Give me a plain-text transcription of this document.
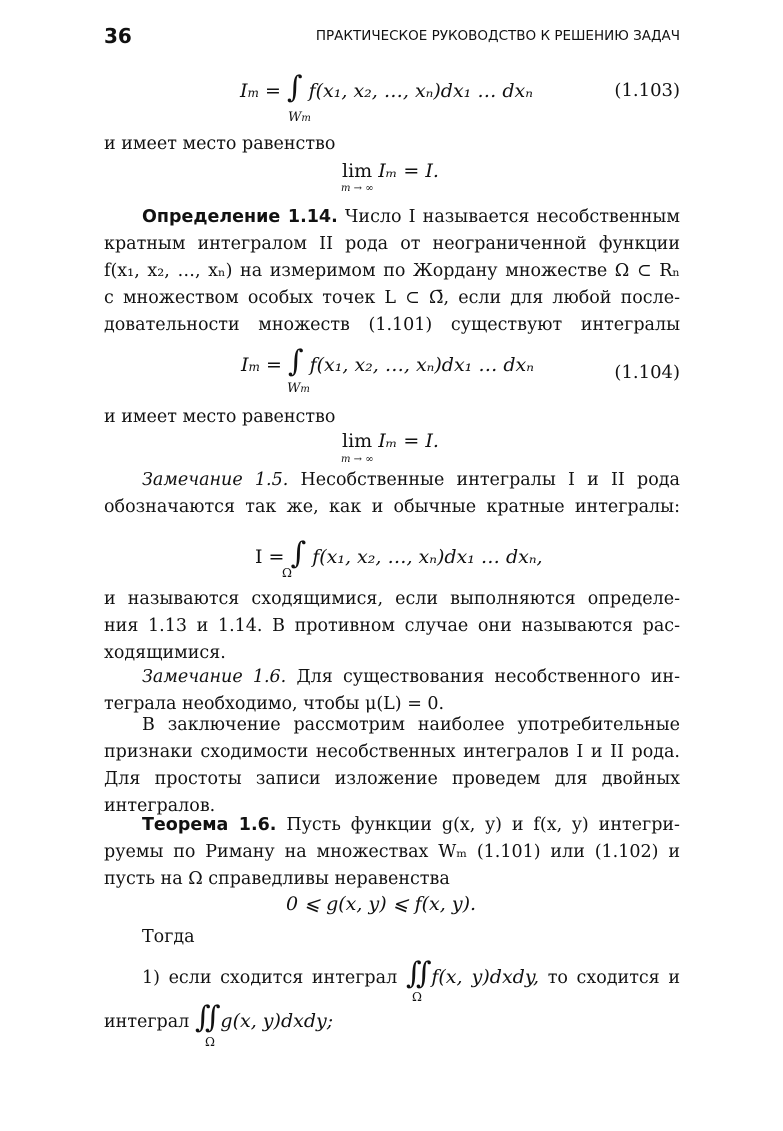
36	ПРАКТИЧЕСКОЕ РУКОВОДСТВО К РЕШЕНИЮ ЗАДАЧ
Im = ∫ f(x₁, x₂, …, xₙ)dx₁ … dxₙ
Wm
(1.103)
и имеет место равенство
lim Iₘ = I.
m → ∞
Определение 1.14. Число I называется несобственным
кратным интегралом II рода от неограниченной функции
f(x₁, x₂, …, xₙ) на измеримом по Жордану множестве Ω ⊂ Rₙ
с множеством особых точек L ⊂ Ω̄, если для любой после-
довательности множеств (1.101) существуют интегралы
Im = ∫ f(x₁, x₂, …, xₙ)dx₁ … dxₙ
Wm
(1.104)
и имеет место равенство
lim Iₘ = I.
m → ∞
Замечание 1.5. Несобственные интегралы I и II рода
обозначаются так же, как и обычные кратные интегралы:
I = ∫ f(x₁, x₂, …, xₙ)dx₁ … dxₙ,
Ω
и называются сходящимися, если выполняются определе-
ния 1.13 и 1.14. В противном случае они называются рас-
ходящимися.
Замечание 1.6. Для существования несобственного ин-
теграла необходимо, чтобы μ(L) = 0.
В заключение рассмотрим наиболее употребительные
признаки сходимости несобственных интегралов I и II рода.
Для простоты записи изложение проведем для двойных
интегралов.
Теорема 1.6. Пусть функции g(x, y) и f(x, y) интегри-
руемы по Риману на множествах Wₘ (1.101) или (1.102) и
пусть на Ω справедливы неравенства
0 ⩽ g(x, y) ⩽ f(x, y).
Тогда
1) если сходится интеграл ∬f(x, y)dxdy, то сходится и
Ω
интеграл ∬g(x, y)dxdy;
Ω
